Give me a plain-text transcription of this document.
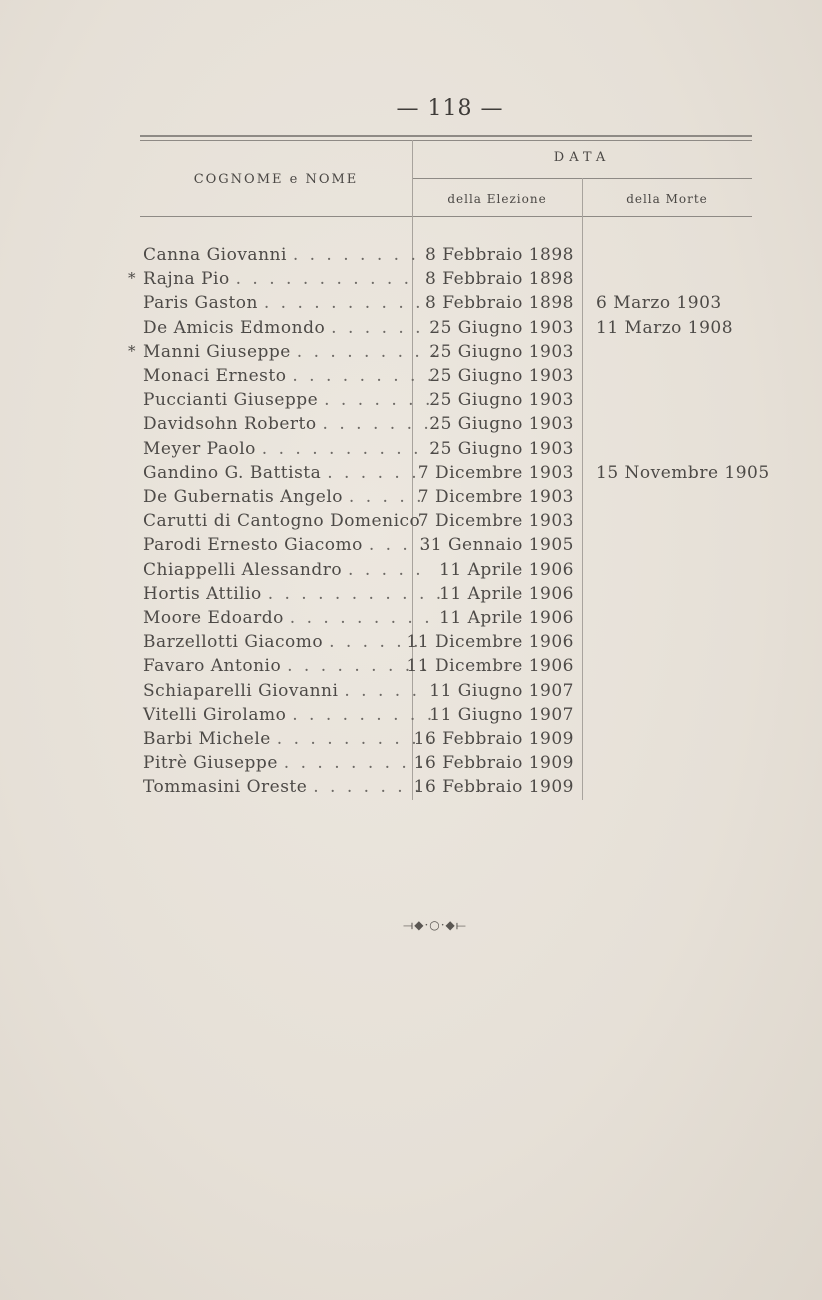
— 118 —
COGNOME e NOME
DATA
della Elezione	della Morte
Canna Giovanni . . . . . . . . 8 Febbraio 1898
* Rajna Pio . . . . . . . . . . . 8 Febbraio 1898
Paris Gaston . . . . . . . . . . 8 Febbraio 1898 6 Marzo 1903
De Amicis Edmondo . . . . . . 25 Giugno 1903 11 Marzo 1908
* Manni Giuseppe . . . . . . . . .
25 Giugno 1903
Monaci Ernesto . . . . . . . . .
25 Giugno 1903
Puccianti Giuseppe . . . . . . .
25 Giugno 1903
Davidsohn Roberto . . . . . . .
25 Giugno 1903
Meyer Paolo . . . . . . . . . . .
25 Giugno 1903
Gandino G. Battista . . . . . .
7 Dicembre 1903 15 Novembre 1905
De Gubernatis Angelo . . . . .
7 Dicembre 1903
Carutti di Cantogno Domenico
7 Dicembre 1903
Parodi Ernesto Giacomo . . . .
31 Gennaio 1905
Chiappelli Alessandro . . . . . 11 Aprile 1906
Hortis Attilio . . . . . . . . . . .
11 Aprile 1906
Moore Edoardo . . . . . . . . . 11 Aprile 1906
Barzellotti Giacomo . . . . . .
11 Dicembre 1906
Favaro Antonio . . . . . . . . .
11 Dicembre 1906
Schiaparelli Giovanni . . . . . 11 Giugno 1907
Vitelli Girolamo . . . . . . . . .
11 Giugno 1907
Barbi Michele . . . . . . . . . .
16 Febbraio 1909
Pitrè Giuseppe . . . . . . . . .
16 Febbraio 1909
Tommasini Oreste . . . . . . .
16 Febbraio 1909
⟞◆·○·◆⟝
